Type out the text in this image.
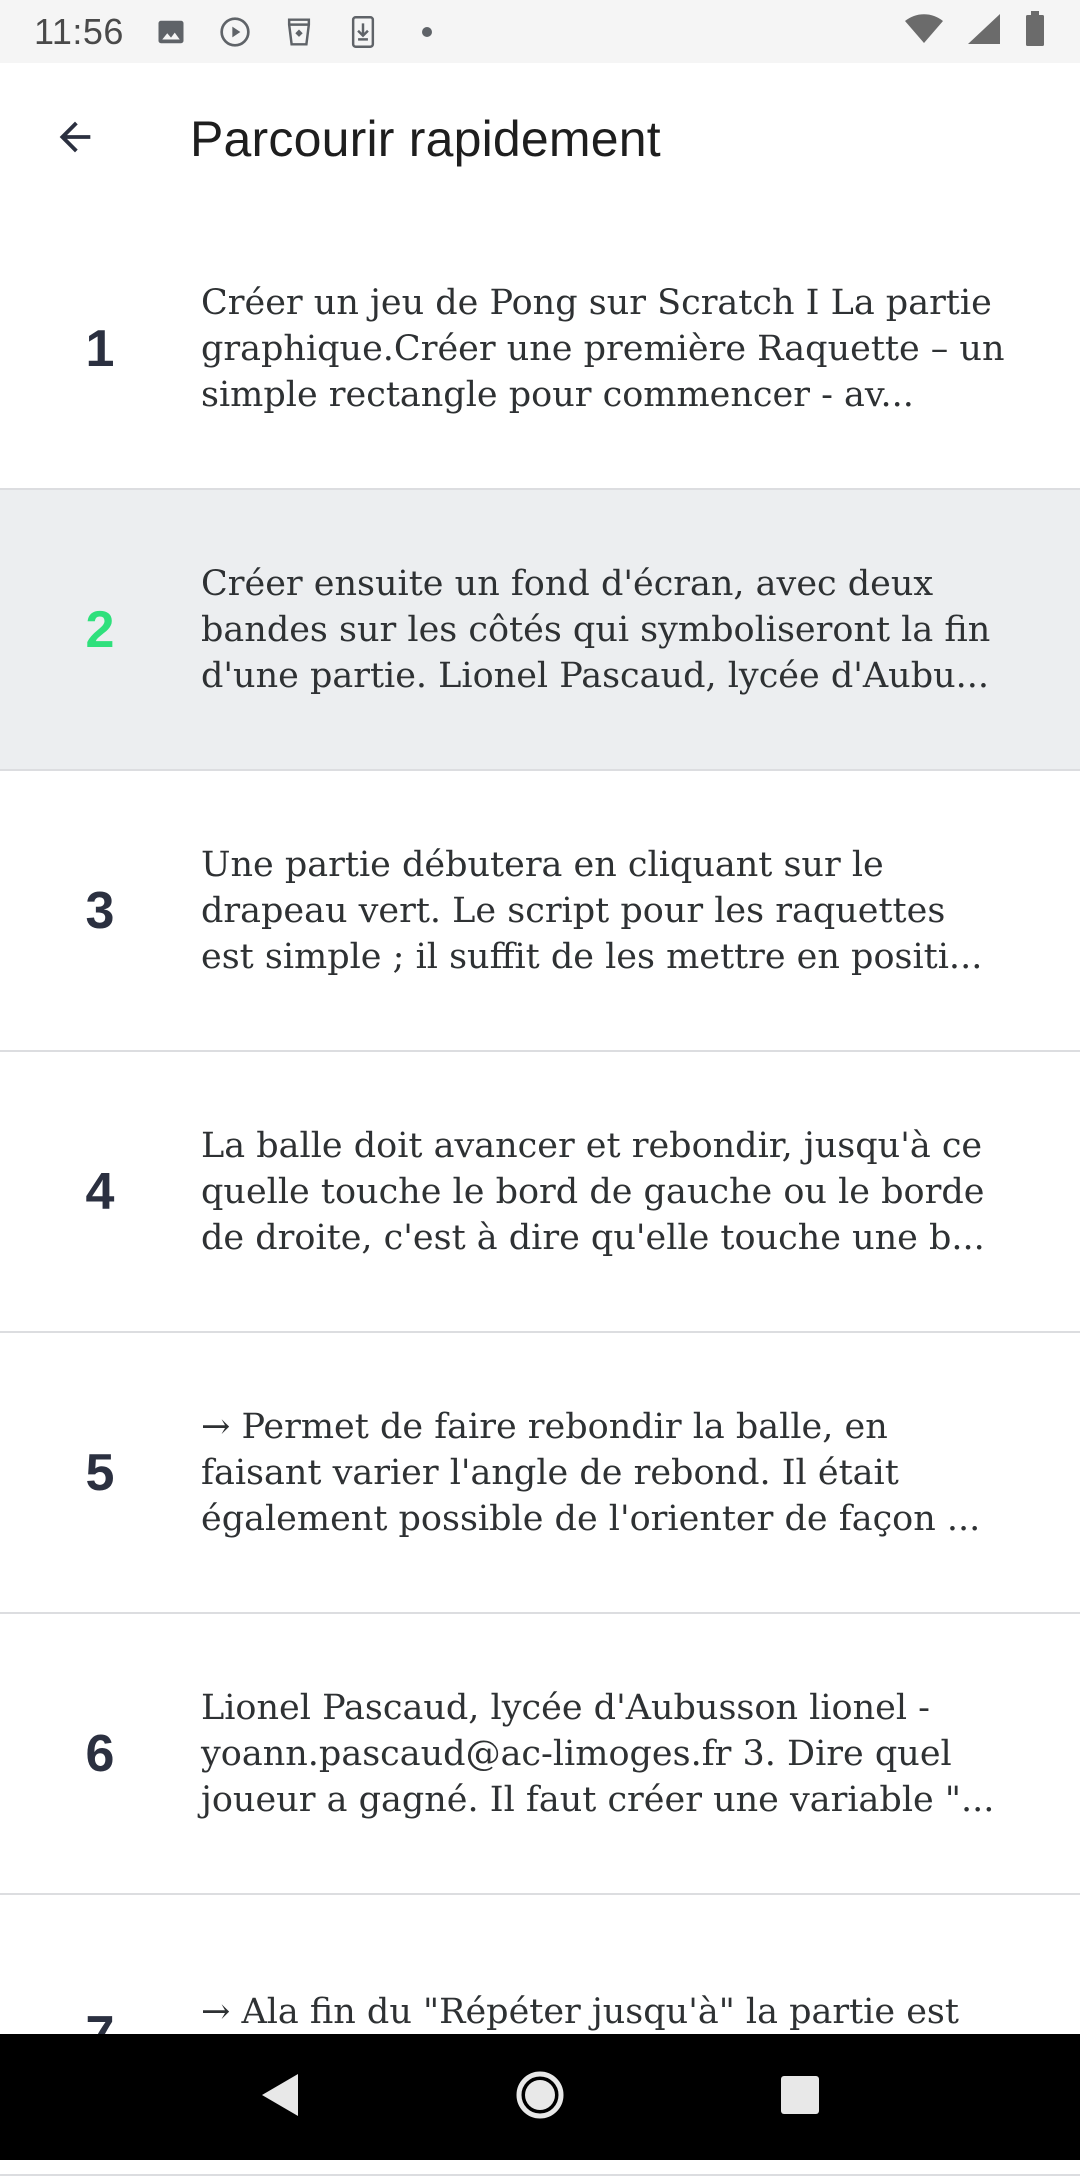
11:56
Parcourir rapidement
1
Créer un jeu de Pong sur Scratch I La partie graphique.Créer une première Raquette – un simple rectangle pour commencer - av...
2
Créer ensuite un fond d'écran, avec deux bandes sur les côtés qui symboliseront la fin d'une partie. Lionel Pascaud, lycée d'Aubu...
3
Une partie débutera en cliquant sur le drapeau vert. Le script pour les raquettes est simple ; il suffit de les mettre en positi...
4
La balle doit avancer et rebondir, jusqu'à ce quelle touche le bord de gauche ou le borde de droite, c'est à dire qu'elle touche une b...
5
→ Permet de faire rebondir la balle, en faisant varier l'angle de rebond. Il était également possible de l'orienter de façon ...
6
Lionel Pascaud, lycée d'Aubusson lionel -yoann.pascaud@ac-limoges.fr 3. Dire quel joueur a gagné. Il faut créer une variable "...
→ Ala fin du "Répéter jusqu'à" la partie est
